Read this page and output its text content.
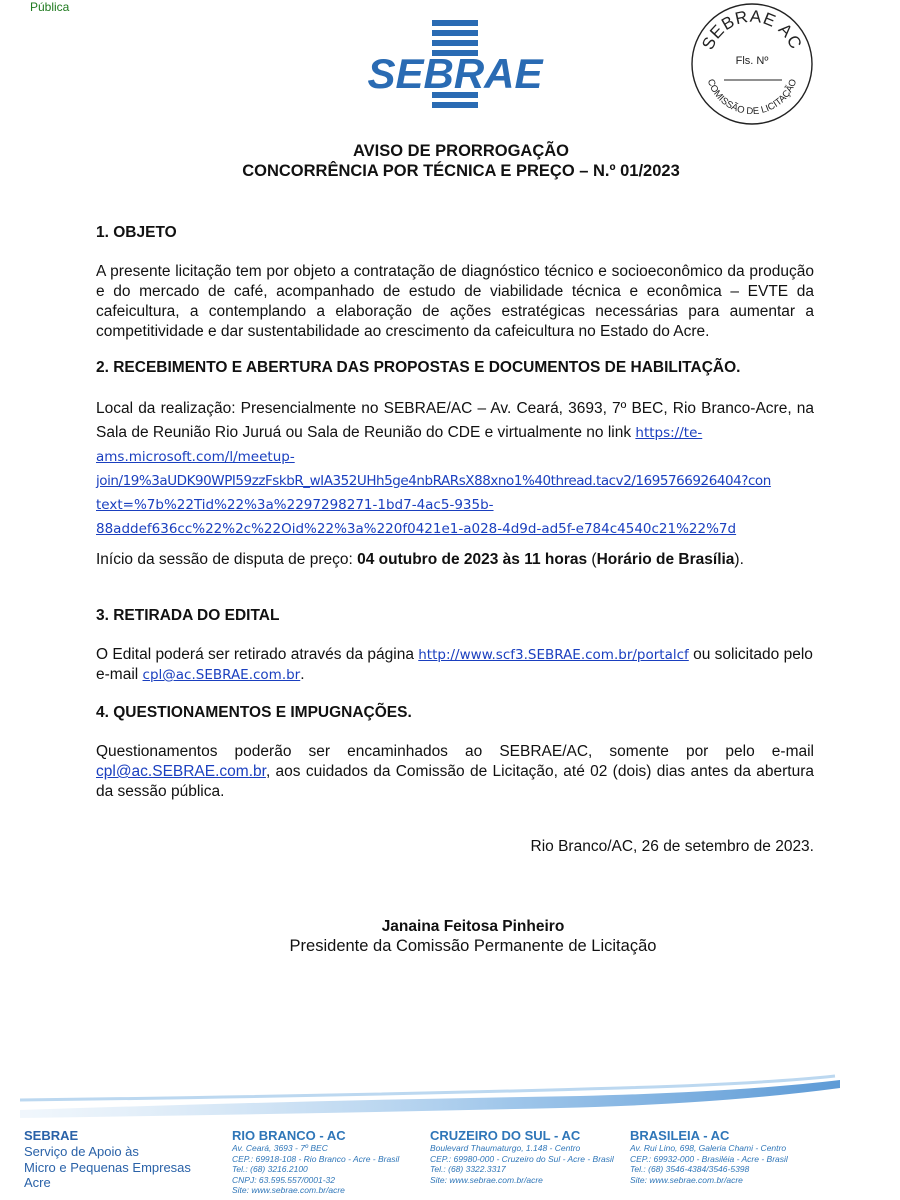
Pública
SEBRAE
SEBRAE AC
Fls. Nº
COMISSÃO DE LICITAÇÃO
AVISO DE PRORROGAÇÃO
CONCORRÊNCIA POR TÉCNICA E PREÇO – N.º 01/2023
1. OBJETO
A presente licitação tem por objeto a contratação de diagnóstico técnico e socioeconômico da produção e do mercado de café, acompanhado de estudo de viabilidade técnica e econômica – EVTE da cafeicultura, a contemplando a elaboração de ações estratégicas necessárias para aumentar a competitividade e dar sustentabilidade ao crescimento da cafeicultura no Estado do Acre.
2. RECEBIMENTO E ABERTURA DAS PROPOSTAS E DOCUMENTOS DE HABILITAÇÃO.
Local da realização: Presencialmente no SEBRAE/AC – Av. Ceará, 3693, 7º BEC, Rio Branco-Acre, na Sala de Reunião Rio Juruá ou Sala de Reunião do CDE e virtualmente no link https://te-
ams.microsoft.com/l/meetup-
join/19%3aUDK90WPI59zzFskbR_wIA352UHh5ge4nbRARsX88xno1%40thread.tacv2/1695766926404?con
text=%7b%22Tid%22%3a%2297298271-1bd7-4ac5-935b-
88addef636cc%22%2c%22Oid%22%3a%220f0421e1-a028-4d9d-ad5f-e784c4540c21%22%7d
Início da sessão de disputa de preço: 04 outubro de 2023 às 11 horas (Horário de Brasília).
3. RETIRADA DO EDITAL
O Edital poderá ser retirado através da página http://www.scf3.SEBRAE.com.br/portalcf ou solicitado pelo e-mail cpl@ac.SEBRAE.com.br.
4. QUESTIONAMENTOS E IMPUGNAÇÕES.
Questionamentos poderão ser encaminhados ao SEBRAE/AC, somente por pelo e-mail cpl@ac.SEBRAE.com.br, aos cuidados da Comissão de Licitação, até 02 (dois) dias antes da abertura da sessão pública.
Rio Branco/AC, 26 de setembro de 2023.
Janaina Feitosa Pinheiro
Presidente da Comissão Permanente de Licitação
SEBRAE
Serviço de Apoio às
Micro e Pequenas Empresas
Acre
RIO BRANCO - AC
Av. Ceará, 3693 - 7º BEC
CEP.: 69918-108 - Rio Branco - Acre - Brasil
Tel.: (68) 3216.2100
CNPJ: 63.595.557/0001-32
Site: www.sebrae.com.br/acre
CRUZEIRO DO SUL - AC
Boulevard Thaumaturgo, 1.148 - Centro
CEP.: 69980-000 - Cruzeiro do Sul - Acre - Brasil
Tel.: (68) 3322.3317
Site: www.sebrae.com.br/acre
BRASILEIA - AC
Av. Rui Lino, 698, Galeria Chami - Centro
CEP.: 69932-000 - Brasiléia - Acre - Brasil
Tel.: (68) 3546-4384/3546-5398
Site: www.sebrae.com.br/acre
